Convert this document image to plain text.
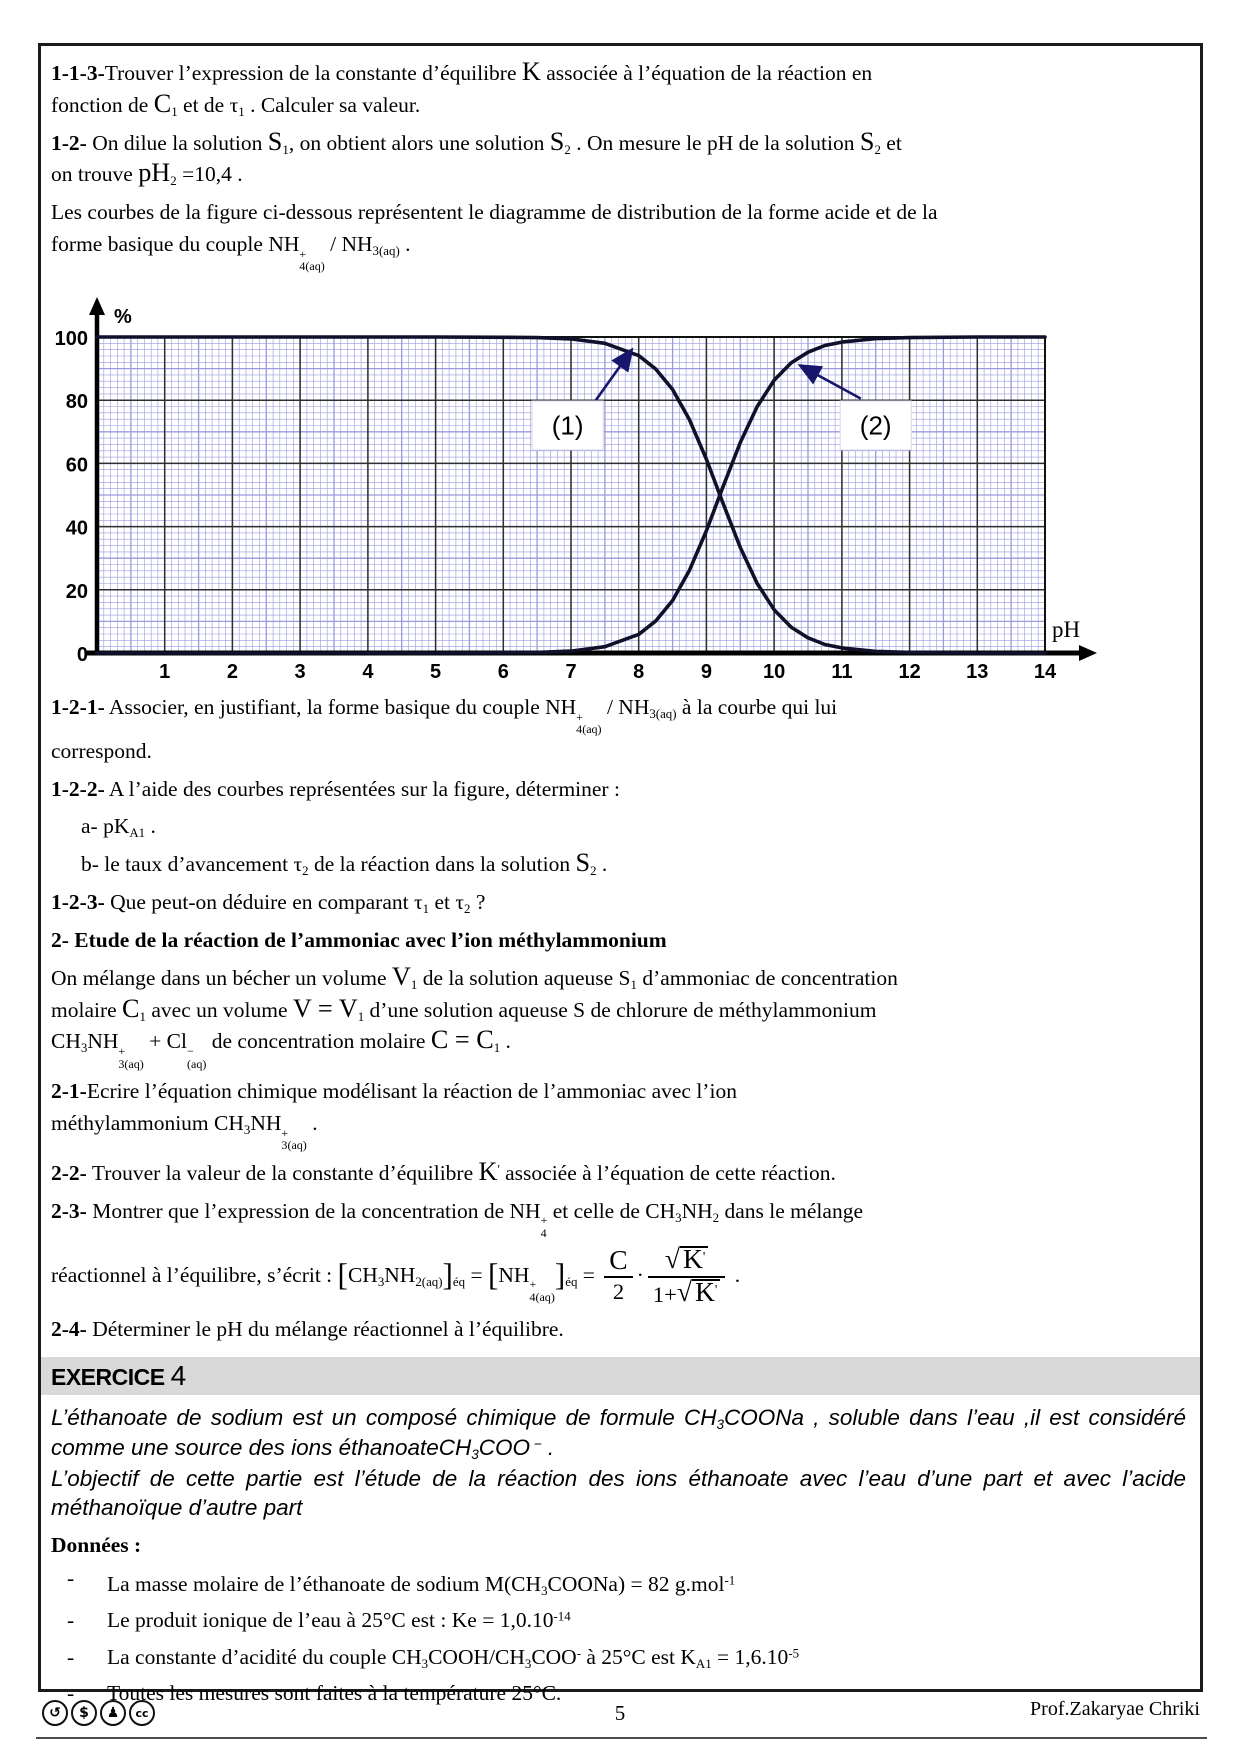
1-1-3-Trouver l’expression de la constante d’équilibre K associée à l’équation de la réaction en
fonction de $C_1$ et de $\tau_1$ . Calculer sa valeur.

1-2- On dilue la solution $S_1$, on obtient alors une solution $S_2$ . On mesure le pH de la solution $S_2$ et
on trouve $pH_2 =10,4$ .

Les courbes de la figure ci-dessous représentent le diagramme de distribution de la forme acide et de la
forme basique du couple NH +
4(aq)
/ $NH_{3(aq)}$ .

1	2	3	4	5	6	7	8	9	10 11 12 13 14
0
20
40
60
80
100
%
pH
(1)	(2)

1-2-1- Associer, en justifiant, la forme basique du couple NH +
4(aq)
/ $NH_{3(aq)}$ à la courbe qui lui
correspond.

1-2-2- A l’aide des courbes représentées sur la figure, déterminer :

a- $pK_{A1}$ .

b- le taux d’avancement $\tau_2$ de la réaction dans la solution $S_2$ .

1-2-3- Que peut-on déduire en comparant $\tau_1$ et $\tau_2$ ?

2- Etude de la réaction de l’ammoniac avec l’ion méthylammonium

On mélange dans un bécher un volume $V_1$ de la solution aqueuse $S_1$ d’ammoniac de concentration
molaire $C_1$ avec un volume $V = V_1$ d’une solution aqueuse S de chlorure de méthylammonium
$CH_3NH$ +
3(aq)
+ Cl −
(aq)
de concentration molaire $C = C_1$ .

2-1-Ecrire l’équation chimique modélisant la réaction de l’ammoniac avec l’ion
méthylammonium $CH_3NH$ +
3(aq)
.

2-2- Trouver la valeur de la constante d’équilibre K' associée à l’équation de cette réaction.

2-3- Montrer que l’expression de la concentration de NH +
4
et celle de $CH_3NH_2$ dans le mélange

réactionnel à l’équilibre, s’écrit : $[CH_3NH_{2(aq)}]_{éq} = [NH$ +
4(aq)
]$_{éq} = \frac{C}{2} \cdot \frac{√ K'}{1+ √ K'}$ .

2-4- Déterminer le pH du mélange réactionnel à l’équilibre.

EXERCICE 4

L’éthanoate de sodium est un composé chimique de formule $CH_3COONa$ , soluble dans l’eau ,il est considéré comme une source des ions éthanoateCH$_3$COO − .

L’objectif de cette partie est l’étude de la réaction des ions éthanoate avec l’eau d’une part et avec l’acide méthanoïque d’autre part

Données :

-	La masse molaire de l’éthanoate de sodium $M(CH_3COONa) = 82$ g.mol$^{-1}$
-	Le produit ionique de l’eau à 25°C est : $Ke = 1,0.10^{-14}$
-	La constante d’acidité du couple $CH_3COOH/CH_3COO^-$ à 25°C est $K_{A1} = 1,6.10^{-5}$
-	Toutes les mesures sont faites à la température 25°C.
↺	$	♟	cc	5	Prof.Zakaryae Chriki
